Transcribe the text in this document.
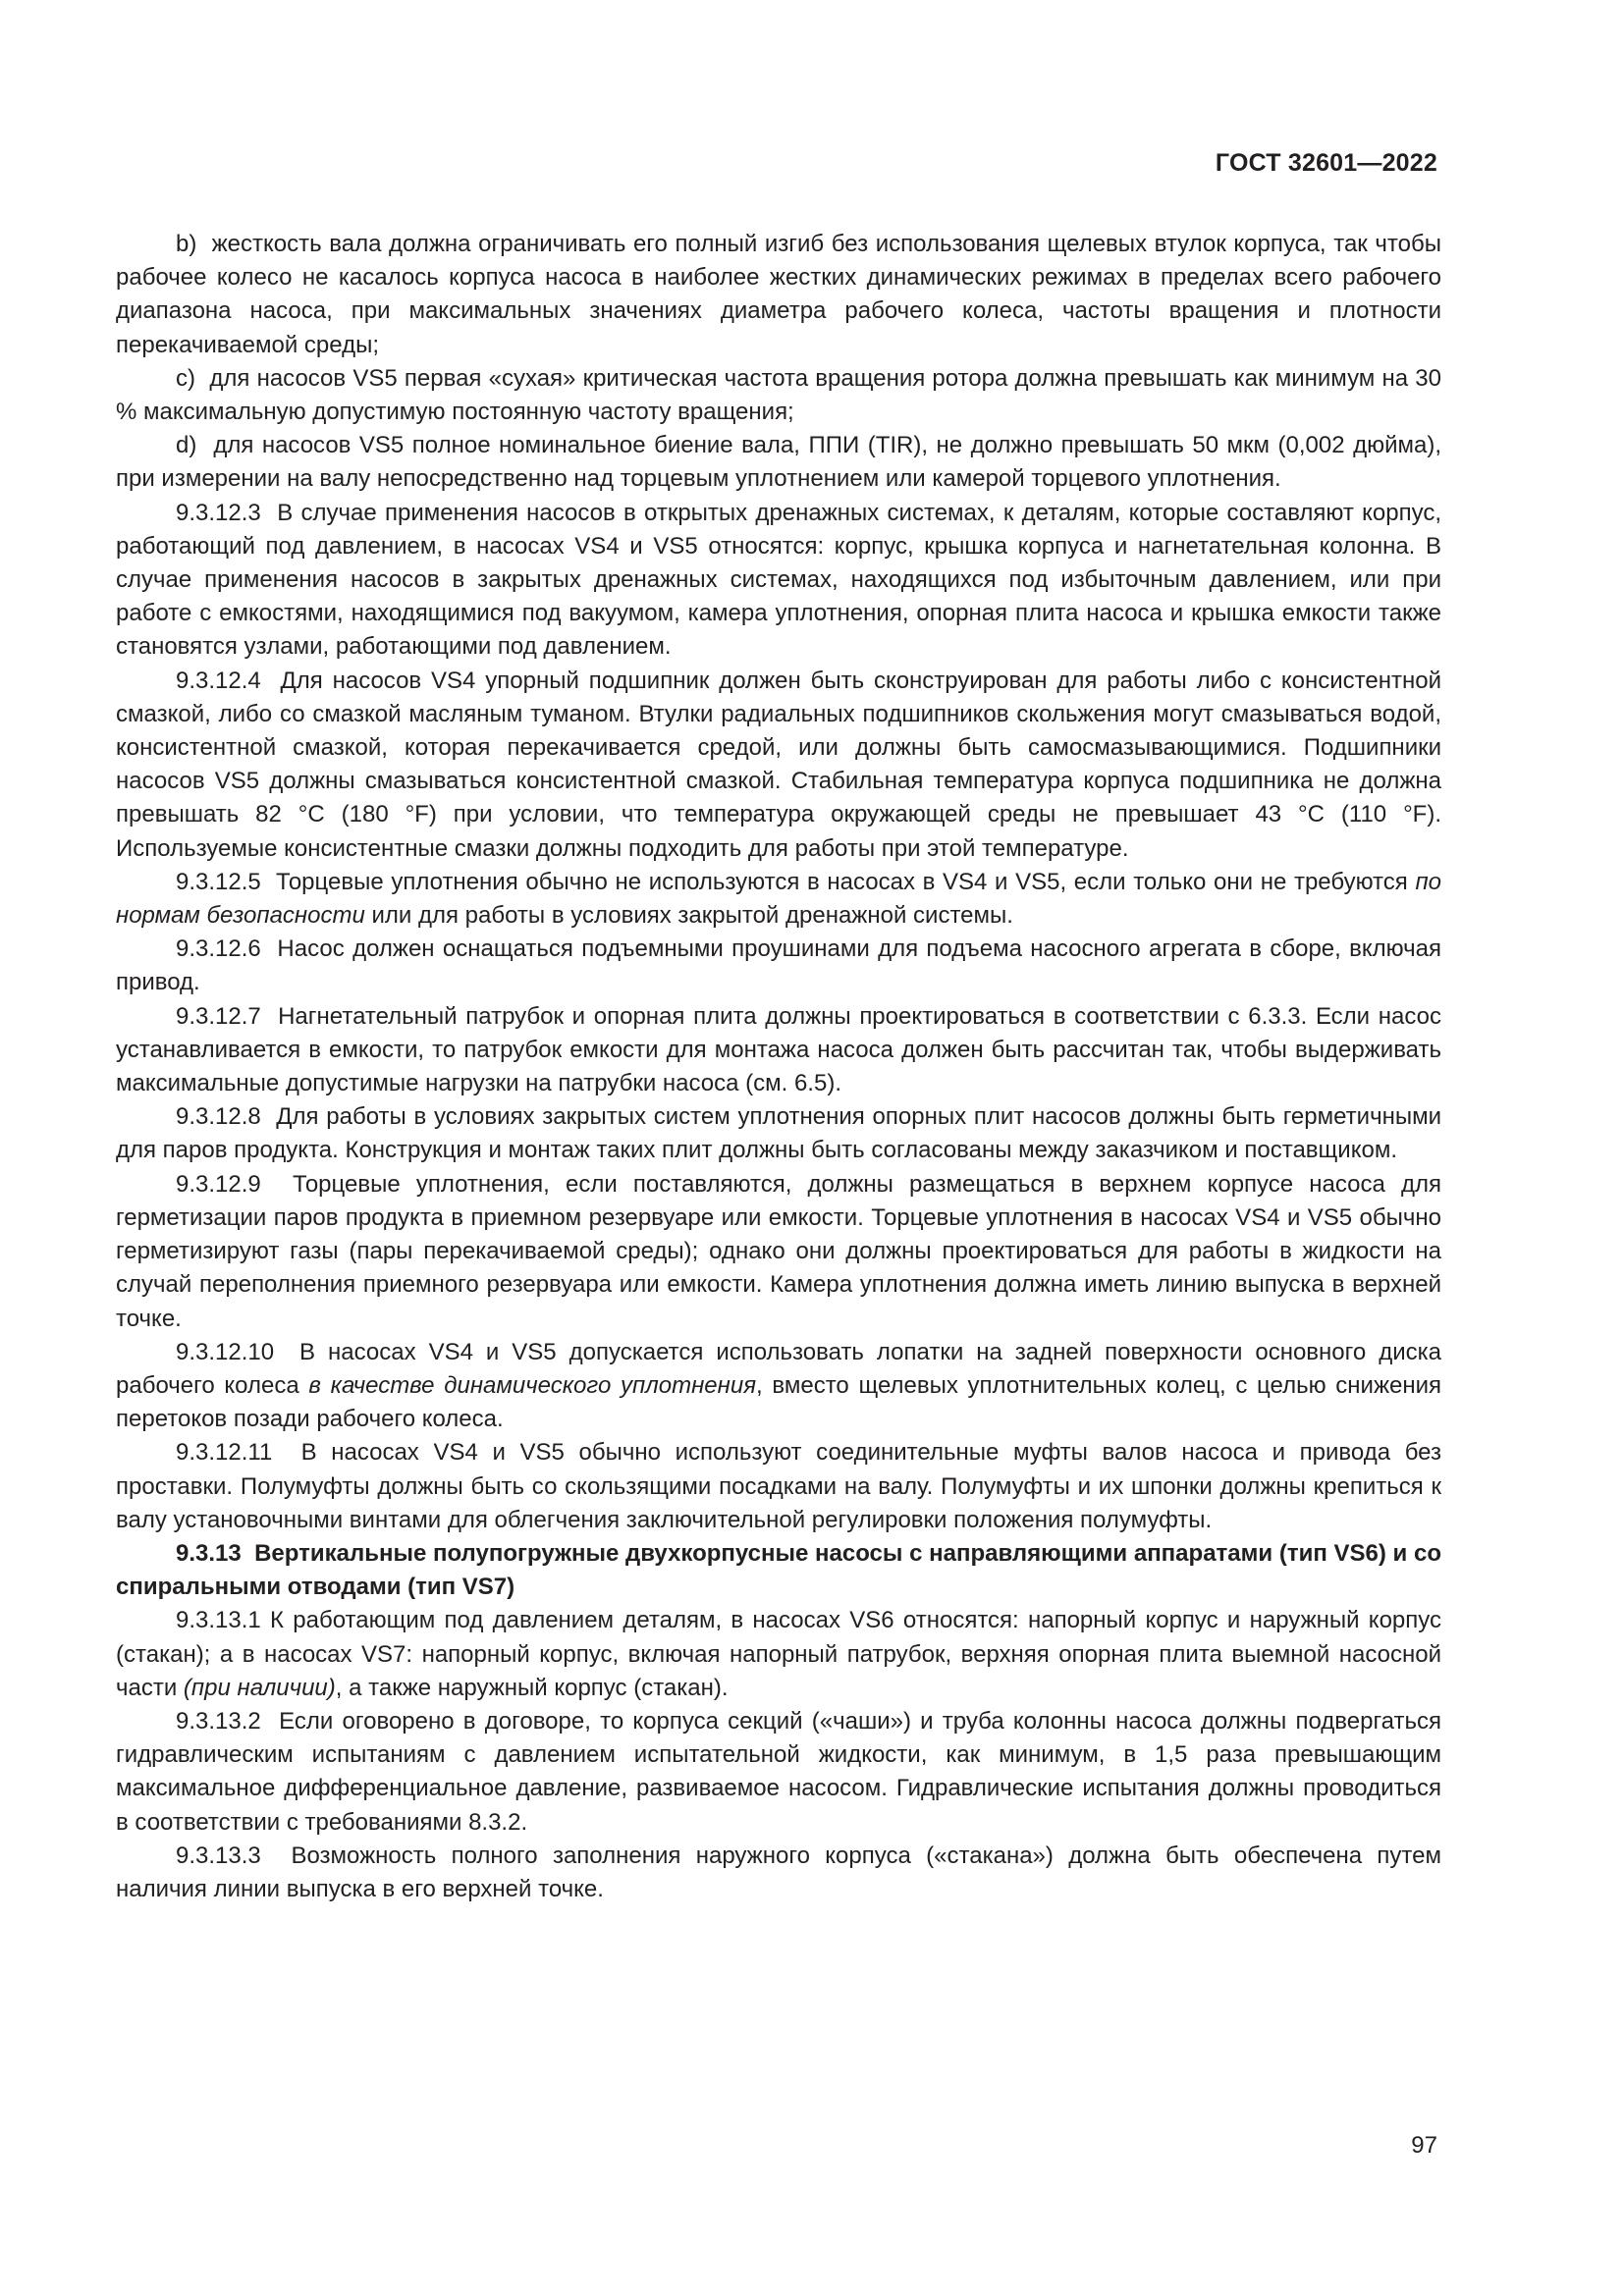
ГОСТ 32601—2022

b)  жесткость вала должна ограничивать его полный изгиб без использования щелевых втулок корпуса, так чтобы рабочее колесо не касалось корпуса насоса в наиболее жестких динамических режимах в пределах всего рабочего диапазона насоса, при максимальных значениях диаметра рабочего колеса, частоты вращения и плотности перекачиваемой среды;

c)  для насосов VS5 первая «сухая» критическая частота вращения ротора должна превышать как минимум на 30 % максимальную допустимую постоянную частоту вращения;

d)  для насосов VS5 полное номинальное биение вала, ППИ (TIR), не должно превышать 50 мкм (0,002 дюйма), при измерении на валу непосредственно над торцевым уплотнением или камерой торцевого уплотнения.

9.3.12.3  В случае применения насосов в открытых дренажных системах, к деталям, которые составляют корпус, работающий под давлением, в насосах VS4 и VS5 относятся: корпус, крышка корпуса и нагнетательная колонна. В случае применения насосов в закрытых дренажных системах, находящихся под избыточным давлением, или при работе с емкостями, находящимися под вакуумом, камера уплотнения, опорная плита насоса и крышка емкости также становятся узлами, работающими под давлением.

9.3.12.4  Для насосов VS4 упорный подшипник должен быть сконструирован для работы либо с консистентной смазкой, либо со смазкой масляным туманом. Втулки радиальных подшипников скольжения могут смазываться водой, консистентной смазкой, которая перекачивается средой, или должны быть самосмазывающимися. Подшипники насосов VS5 должны смазываться консистентной смазкой. Стабильная температура корпуса подшипника не должна превышать 82 °C (180 °F) при условии, что температура окружающей среды не превышает 43 °C (110 °F). Используемые консистентные смазки должны подходить для работы при этой температуре.

9.3.12.5  Торцевые уплотнения обычно не используются в насосах в VS4 и VS5, если только они не требуются по нормам безопасности или для работы в условиях закрытой дренажной системы.

9.3.12.6  Насос должен оснащаться подъемными проушинами для подъема насосного агрегата в сборе, включая привод.

9.3.12.7  Нагнетательный патрубок и опорная плита должны проектироваться в соответствии с 6.3.3. Если насос устанавливается в емкости, то патрубок емкости для монтажа насоса должен быть рассчитан так, чтобы выдерживать максимальные допустимые нагрузки на патрубки насоса (см. 6.5).

9.3.12.8  Для работы в условиях закрытых систем уплотнения опорных плит насосов должны быть герметичными для паров продукта. Конструкция и монтаж таких плит должны быть согласованы между заказчиком и поставщиком.

9.3.12.9  Торцевые уплотнения, если поставляются, должны размещаться в верхнем корпусе насоса для герметизации паров продукта в приемном резервуаре или емкости. Торцевые уплотнения в насосах VS4 и VS5 обычно герметизируют газы (пары перекачиваемой среды); однако они должны проектироваться для работы в жидкости на случай переполнения приемного резервуара или емкости. Камера уплотнения должна иметь линию выпуска в верхней точке.

9.3.12.10  В насосах VS4 и VS5 допускается использовать лопатки на задней поверхности основного диска рабочего колеса в качестве динамического уплотнения, вместо щелевых уплотнительных колец, с целью снижения перетоков позади рабочего колеса.

9.3.12.11  В насосах VS4 и VS5 обычно используют соединительные муфты валов насоса и привода без проставки. Полумуфты должны быть со скользящими посадками на валу. Полумуфты и их шпонки должны крепиться к валу установочными винтами для облегчения заключительной регулировки положения полумуфты.

9.3.13  Вертикальные полупогружные двухкорпусные насосы с направляющими аппаратами (тип VS6) и со спиральными отводами (тип VS7)

9.3.13.1 К работающим под давлением деталям, в насосах VS6 относятся: напорный корпус и наружный корпус (стакан); а в насосах VS7: напорный корпус, включая напорный патрубок, верхняя опорная плита выемной насосной части (при наличии), а также наружный корпус (стакан).

9.3.13.2  Если оговорено в договоре, то корпуса секций («чаши») и труба колонны насоса должны подвергаться гидравлическим испытаниям с давлением испытательной жидкости, как минимум, в 1,5 раза превышающим максимальное дифференциальное давление, развиваемое насосом. Гидравлические испытания должны проводиться в соответствии с требованиями 8.3.2.

9.3.13.3  Возможность полного заполнения наружного корпуса («стакана») должна быть обеспечена путем наличия линии выпуска в его верхней точке.

97
